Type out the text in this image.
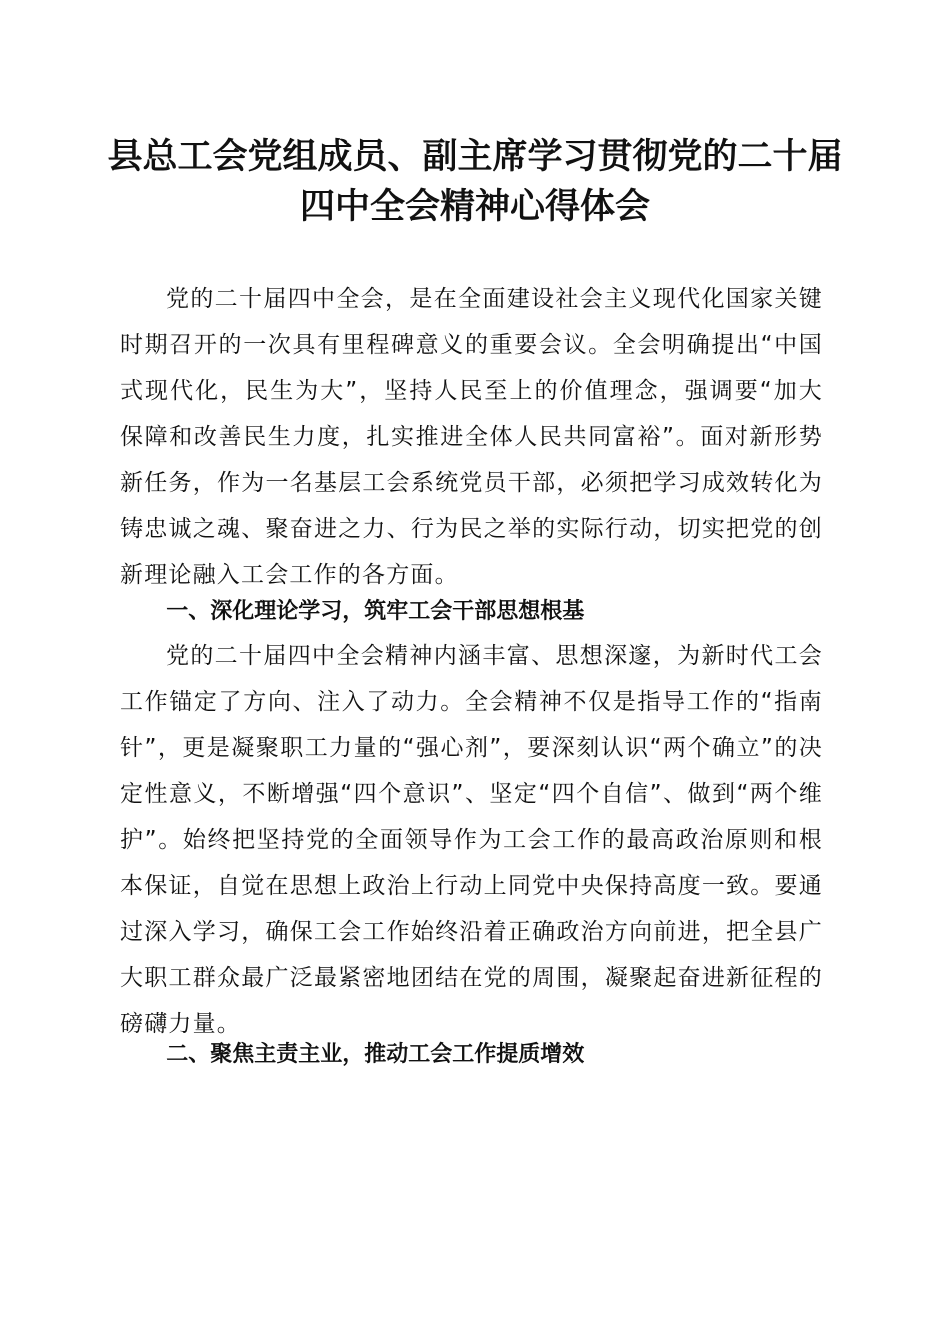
县总工会党组成员、副主席学习贯彻党的二十届四中全会精神心得体会

党的二十届四中全会，是在全面建设社会主义现代化国家关键时期召开的一次具有里程碑意义的重要会议。全会明确提出“中国式现代化，民生为大”，坚持人民至上的价值理念，强调要“加大保障和改善民生力度，扎实推进全体人民共同富裕”。面对新形势新任务，作为一名基层工会系统党员干部，必须把学习成效转化为铸忠诚之魂、聚奋进之力、行为民之举的实际行动，切实把党的创新理论融入工会工作的各方面。

一、深化理论学习，筑牢工会干部思想根基

党的二十届四中全会精神内涵丰富、思想深邃，为新时代工会工作锚定了方向、注入了动力。全会精神不仅是指导工作的“指南针”，更是凝聚职工力量的“强心剂”，要深刻认识“两个确立”的决定性意义，不断增强“四个意识”、坚定“四个自信”、做到“两个维护”。始终把坚持党的全面领导作为工会工作的最高政治原则和根本保证，自觉在思想上政治上行动上同党中央保持高度一致。要通过深入学习，确保工会工作始终沿着正确政治方向前进，把全县广大职工群众最广泛最紧密地团结在党的周围，凝聚起奋进新征程的磅礴力量。

二、聚焦主责主业，推动工会工作提质增效
